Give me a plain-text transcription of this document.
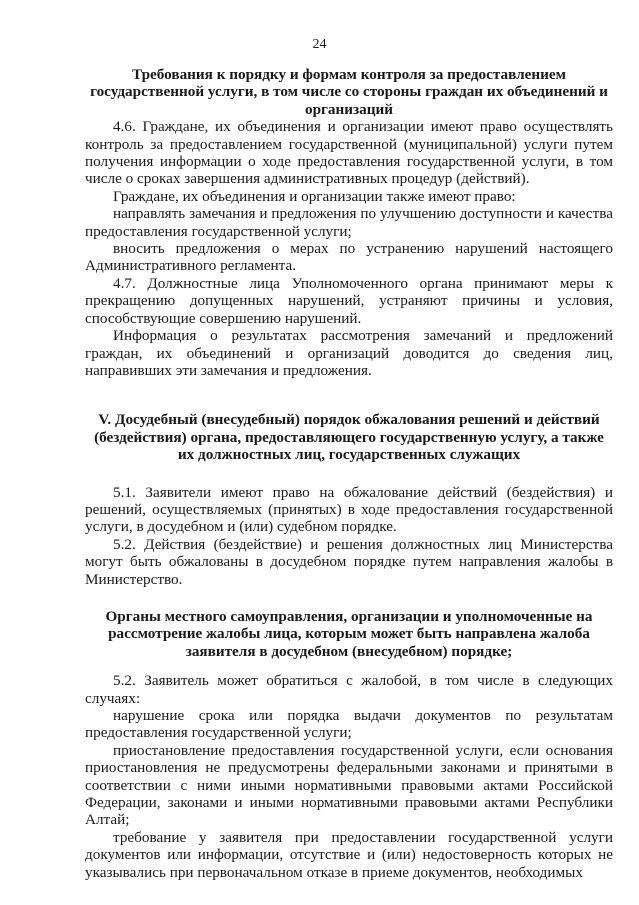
24

Требования к порядку и формам контроля за предоставлением государственной услуги, в том числе со стороны граждан их объединений и организаций

4.6. Граждане, их объединения и организации имеют право осуществлять контроль за предоставлением государственной (муниципальной) услуги путем получения информации о ходе предоставления государственной услуги, в том числе о сроках завершения административных процедур (действий).

Граждане, их объединения и организации также имеют право:

направлять замечания и предложения по улучшению доступности и качества предоставления государственной услуги;

вносить предложения о мерах по устранению нарушений настоящего Административного регламента.

4.7. Должностные лица Уполномоченного органа принимают меры к прекращению допущенных нарушений, устраняют причины и условия, способствующие совершению нарушений.

Информация о результатах рассмотрения замечаний и предложений граждан, их объединений и организаций доводится до сведения лиц, направивших эти замечания и предложения.

V. Досудебный (внесудебный) порядок обжалования решений и действий (бездействия) органа, предоставляющего государственную услугу, а также их должностных лиц, государственных служащих

5.1. Заявители имеют право на обжалование действий (бездействия) и решений, осуществляемых (принятых) в ходе предоставления государственной услуги, в досудебном и (или) судебном порядке.

5.2. Действия (бездействие) и решения должностных лиц Министерства могут быть обжалованы в досудебном порядке путем направления жалобы в Министерство.

Органы местного самоуправления, организации и уполномоченные на рассмотрение жалобы лица, которым может быть направлена жалоба заявителя в досудебном (внесудебном) порядке;

5.2. Заявитель может обратиться с жалобой, в том числе в следующих случаях:

нарушение срока или порядка выдачи документов по результатам предоставления государственной услуги;

приостановление предоставления государственной услуги, если основания приостановления не предусмотрены федеральными законами и принятыми в соответствии с ними иными нормативными правовыми актами Российской Федерации, законами и иными нормативными правовыми актами Республики Алтай;

требование у заявителя при предоставлении государственной услуги документов или информации, отсутствие и (или) недостоверность которых не указывались при первоначальном отказе в приеме документов, необходимых
